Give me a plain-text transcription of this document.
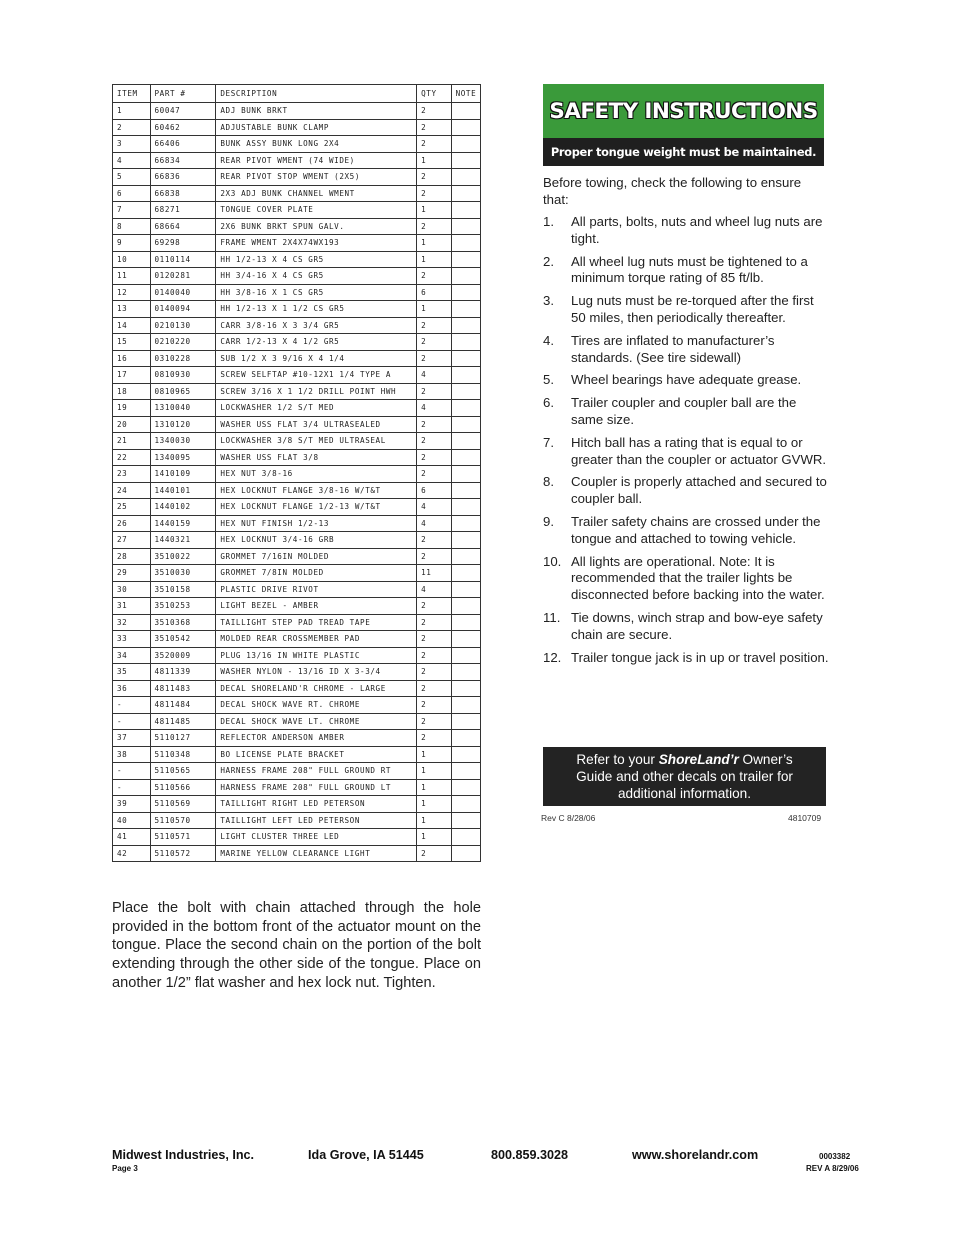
ITEM	PART #	DESCRIPTION	QTY	NOTE
1	60047	ADJ BUNK BRKT	2	
2	60462	ADJUSTABLE BUNK CLAMP	2	
3	66406	BUNK ASSY BUNK LONG 2X4	2	
4	66834	REAR PIVOT WMENT (74 WIDE)	1	
5	66836	REAR PIVOT STOP WMENT (2X5)	2	
6	66838	2X3 ADJ BUNK CHANNEL WMENT	2	
7	68271	TONGUE COVER PLATE	1	
8	68664	2X6 BUNK BRKT SPUN GALV.	2	
9	69298	FRAME WMENT 2X4X74WX193	1	
10	0110114	HH 1/2-13 X 4 CS GR5	1	
11	0120281	HH 3/4-16 X 4 CS GR5	2	
12	0140040	HH 3/8-16 X 1 CS GR5	6	
13	0140094	HH 1/2-13 X 1 1/2 CS GR5	1	
14	0210130	CARR 3/8-16 X 3 3/4 GR5	2	
15	0210220	CARR 1/2-13 X 4 1/2 GR5	2	
16	0310228	SUB 1/2 X 3 9/16 X 4 1/4	2	
17	0810930	SCREW SELFTAP #10-12X1 1/4 TYPE A	4	
18	0810965	SCREW 3/16 X 1 1/2 DRILL POINT HWH	2	
19	1310040	LOCKWASHER 1/2 S/T MED	4	
20	1310120	WASHER USS FLAT 3/4 ULTRASEALED	2	
21	1340030	LOCKWASHER 3/8 S/T MED ULTRASEAL	2	
22	1340095	WASHER USS FLAT 3/8	2	
23	1410109	HEX NUT 3/8-16	2	
24	1440101	HEX LOCKNUT FLANGE 3/8-16 W/T&T	6	
25	1440102	HEX LOCKNUT FLANGE 1/2-13 W/T&T	4	
26	1440159	HEX NUT FINISH 1/2-13	4	
27	1440321	HEX LOCKNUT 3/4-16 GRB	2	
28	3510022	GROMMET 7/16IN MOLDED	2	
29	3510030	GROMMET 7/8IN MOLDED	11	
30	3510158	PLASTIC DRIVE RIVOT	4	
31	3510253	LIGHT BEZEL - AMBER	2	
32	3510368	TAILLIGHT STEP PAD TREAD TAPE	2	
33	3510542	MOLDED REAR CROSSMEMBER PAD	2	
34	3520009	PLUG 13/16 IN WHITE PLASTIC	2	
35	4811339	WASHER NYLON - 13/16 ID X 3-3/4	2	
36	4811483	DECAL SHORELAND'R CHROME - LARGE	2	
-	4811484	DECAL SHOCK WAVE RT. CHROME	2	
-	4811485	DECAL SHOCK WAVE LT. CHROME	2	
37	5110127	REFLECTOR ANDERSON AMBER	2	
38	5110348	BO LICENSE PLATE BRACKET	1	
-	5110565	HARNESS FRAME 208" FULL GROUND RT	1	
-	5110566	HARNESS FRAME 208" FULL GROUND LT	1	
39	5110569	TAILLIGHT RIGHT LED PETERSON	1	
40	5110570	TAILLIGHT LEFT LED PETERSON	1	
41	5110571	LIGHT CLUSTER THREE LED	1	
42	5110572	MARINE YELLOW CLEARANCE LIGHT	2	

Place the bolt with chain attached through the hole provided in the bottom front of the actuator mount on the tongue. Place the second chain on the portion of the bolt extending through the other side of the tongue. Place on another 1/2” flat washer and hex lock nut. Tighten.

SAFETY INSTRUCTIONS
Proper tongue weight must be maintained.

Before towing, check the following to ensure that:

1. All parts, bolts, nuts and wheel lug nuts are tight.
2. All wheel lug nuts must be tightened to a minimum torque rating of 85 ft/lb.
3. Lug nuts must be re-torqued after the first 50 miles, then periodically thereafter.
4. Tires are inflated to manufacturer’s standards. (See tire sidewall)
5. Wheel bearings have adequate grease.
6. Trailer coupler and coupler ball are the same size.
7. Hitch ball has a rating that is equal to or greater than the coupler or actuator GVWR.
8. Coupler is properly attached and secured to coupler ball.
9. Trailer safety chains are crossed under the tongue and attached to towing vehicle.
10. All lights are operational. Note: It is recommended that the trailer lights be disconnected before backing into the water.
11. Tie downs, winch strap and bow-eye safety chain are secure.
12. Trailer tongue jack is in up or travel position.
Refer to your ShoreLand’r Owner’s
Guide and other decals on trailer for
additional information.
Rev C 8/28/06	4810709
Midwest Industries, Inc.	Ida Grove, IA 51445	800.859.3028	www.shorelandr.com
Page 3
0003382
REV A 8/29/06
